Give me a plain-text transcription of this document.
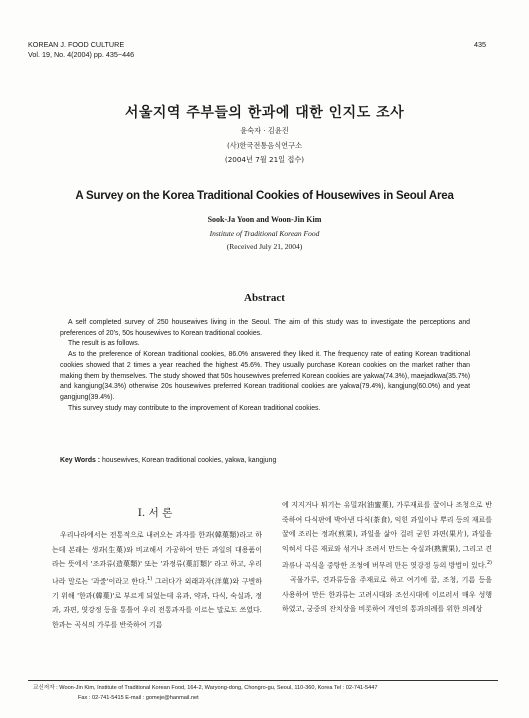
KOREAN J. FOOD CULTURE
Vol. 19, No. 4(2004) pp. 435~446
435
서울지역 주부들의 한과에 대한 인지도 조사
윤숙자 · 김윤진
(사)한국전통음식연구소
(2004년 7월 21일 접수)
A Survey on the Korea Traditional Cookies of Housewives in Seoul Area
Sook-Ja Yoon and Woon-Jin Kim
Institute of Traditional Korean Food
(Received July 21, 2004)
Abstract

A self completed survey of 250 housewives living in the Seoul. The aim of this study was to investigate the perceptions and preferences of 20's, 50s housewives to Korean traditional cookies.

The result is as follows.

As to the preference of Korean traditional cookies, 86.0% answered they liked it. The frequency rate of eating Korean traditional cookies showed that 2 times a year reached the highest 45.6%. They usually purchase Korean cookies on the market rather than making them by themselves. The study showed that 50s housewives preferred Korean cookies are yakwa(74.3%), maejadkwa(35.7%) and kangjung(34.3%) otherwise 20s housewives preferred Korean traditional cookies are yakwa(79.4%), kangjung(60.0%) and yeat gangjung(39.4%).

This survey study may contribute to the improvement of Korean traditional cookies.

Key Words : housewives, Korean traditional cookies, yakwa, kangjung
I. 서 론

우리나라에서는 전통적으로 내려오는 과자를 한과(韓菓類)라고 하는데 본래는 생과(生菓)와 비교해서 가공하여 만든 과일의 대용품이라는 뜻에서 '조과류(造菓類)' 또는 '과정류(菓訂類)' 라고 하고, 우리나라 말로는 '과줄'이라고 한다.$^{1)}$ 그러다가 외래과자(洋菓)와 구별하기 위해 '한과(韓菓)'로 부르게 되었는데 유과, 약과, 다식, 숙실과, 정과, 과편, 엿강정 등을 통틀어 우리 전통과자를 이르는 말로도 쓰였다. 한과는 곡식의 가루를 반죽하여 기름

에 지지거나 튀기는 유밀과(油蜜菓), 가루재료를 꿀이나 조청으로 반죽하여 다식판에 박아낸 다식(茶食), 익힌 과일이나 뿌리 등의 재료를 꿀에 조리는 정과(煎果), 과일을 삶아 걸러 굳힌 과편(果片), 과일을 익혀서 다른 재료와 섞거나 조려서 만드는 숙실과(熟實果), 그리고 견과류나 곡식을 중탕한 조청에 버무려 만든 엿강정 등의 방법이 있다.$^{2)}$

곡물가루, 견과류등을 주재료로 하고 여기에 꿀, 조청, 기름 등을 사용하여 만든 한과류는 고려시대와 조선시대에 이르러서 매우 성행하였고, 궁중의 잔치상을 비롯하여 개인의 통과의례를 위한 의례상

교신저자 : Woon-Jin Kim, Institute of Traditional Korean Food, 164-2, Waryong-dong, Chongro-gu, Seoul, 110-360, Korea Tel : 02-741-5447
Fax : 02-741-5415 E-mail : gomeje@hanmail.net
